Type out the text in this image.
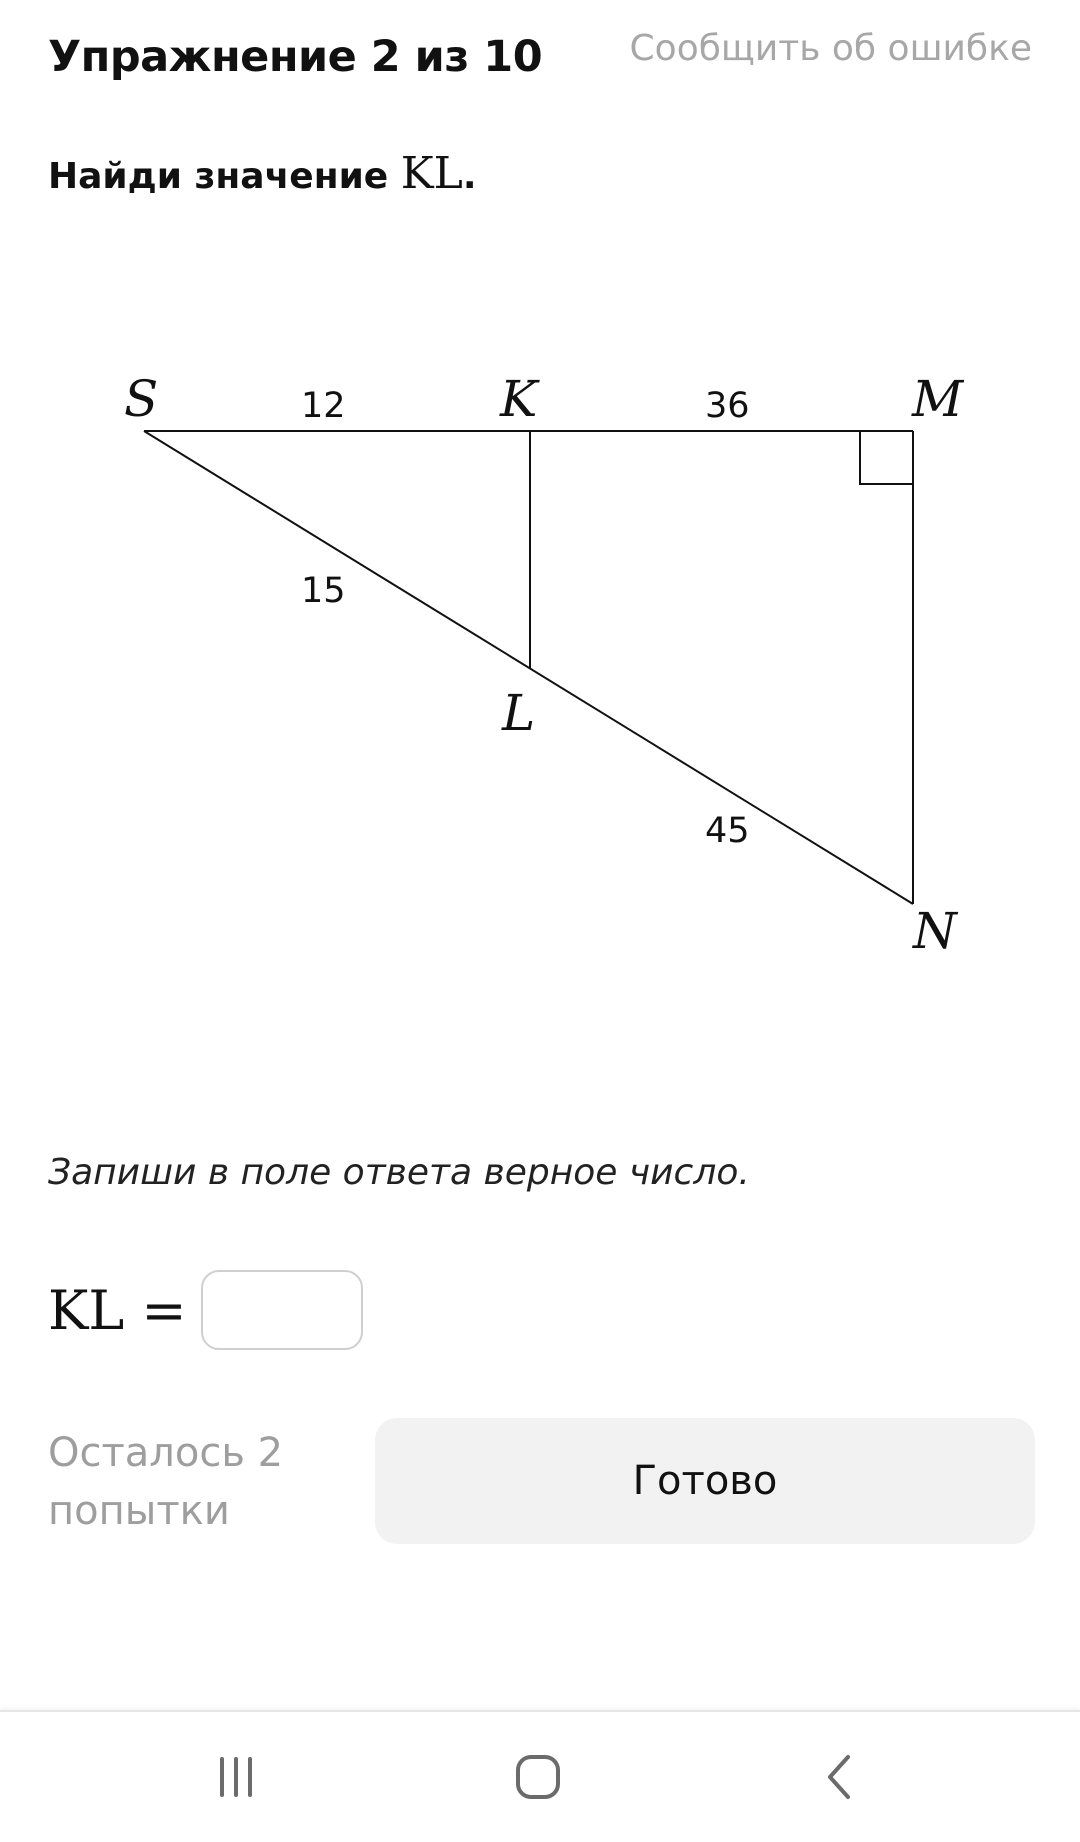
Упражнение 2 из 10 Сообщить об ошибке
Найди значение KL.
S	K	M
L
N
12	36
15
45
Запиши в поле ответа верное число.
KL =
Осталось 2
попытки
Готово
